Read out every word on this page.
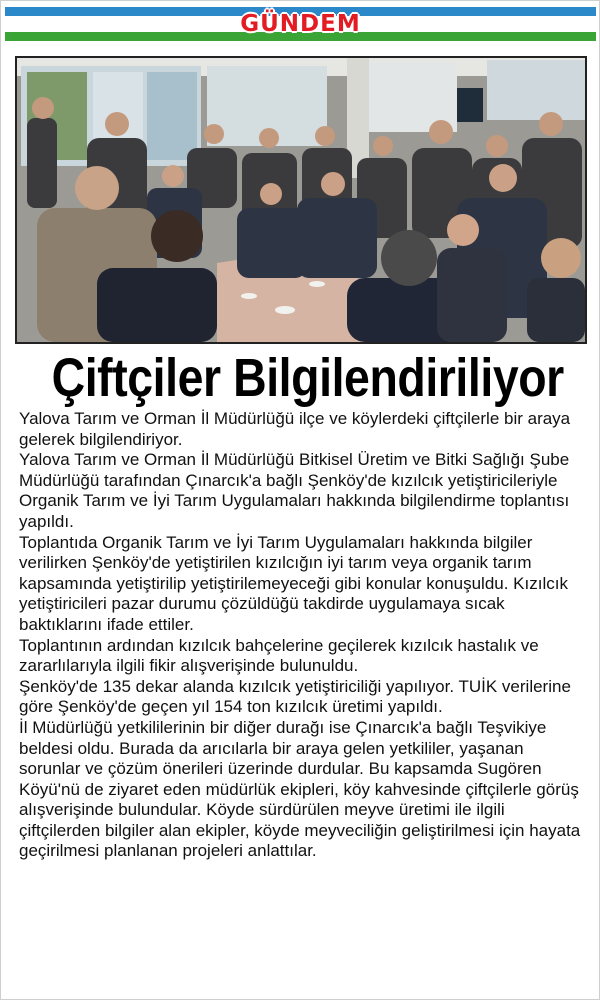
GÜNDEM
Çiftçiler Bilgilendiriliyor

Yalova Tarım ve Orman İl Müdürlüğü ilçe ve köylerdeki çiftçilerle bir araya gelerek bilgilendiriyor.

Yalova Tarım ve Orman İl Müdürlüğü Bitkisel Üretim ve Bitki Sağlığı Şube Müdürlüğü tarafından Çınarcık'a bağlı Şenköy'de kızılcık yetiştiricileriyle Organik Tarım ve İyi Tarım Uygulamaları hakkında bilgilendirme toplantısı yapıldı.

Toplantıda Organik Tarım ve İyi Tarım Uygulamaları hakkında bilgiler verilirken Şenköy'de yetiştirilen kızılcığın iyi tarım veya organik tarım kapsamında yetiştirilip yetiştirilemeyeceği gibi konular konuşuldu. Kızılcık yetiştiricileri pazar durumu çözüldüğü takdirde uygulamaya sıcak baktıklarını ifade ettiler.

Toplantının ardından kızılcık bahçelerine geçilerek kızılcık hastalık ve zararlılarıyla ilgili fikir alışverişinde bulunuldu.

Şenköy'de 135 dekar alanda kızılcık yetiştiriciliği yapılıyor. TUİK verilerine göre Şenköy'de geçen yıl 154 ton kızılcık üretimi yapıldı.

İl Müdürlüğü yetkililerinin bir diğer durağı ise Çınarcık'a bağlı Teşvikiye beldesi oldu. Burada da arıcılarla bir araya gelen yetkililer, yaşanan sorunlar ve çözüm önerileri üzerinde durdular. Bu kapsamda Sugören Köyü'nü de ziyaret eden müdürlük ekipleri, köy kahvesinde çiftçilerle görüş alışverişinde bulundular. Köyde sürdürülen meyve üretimi ile ilgili çiftçilerden bilgiler alan ekipler, köyde meyveciliğin geliştirilmesi için hayata geçirilmesi planlanan projeleri anlattılar.
